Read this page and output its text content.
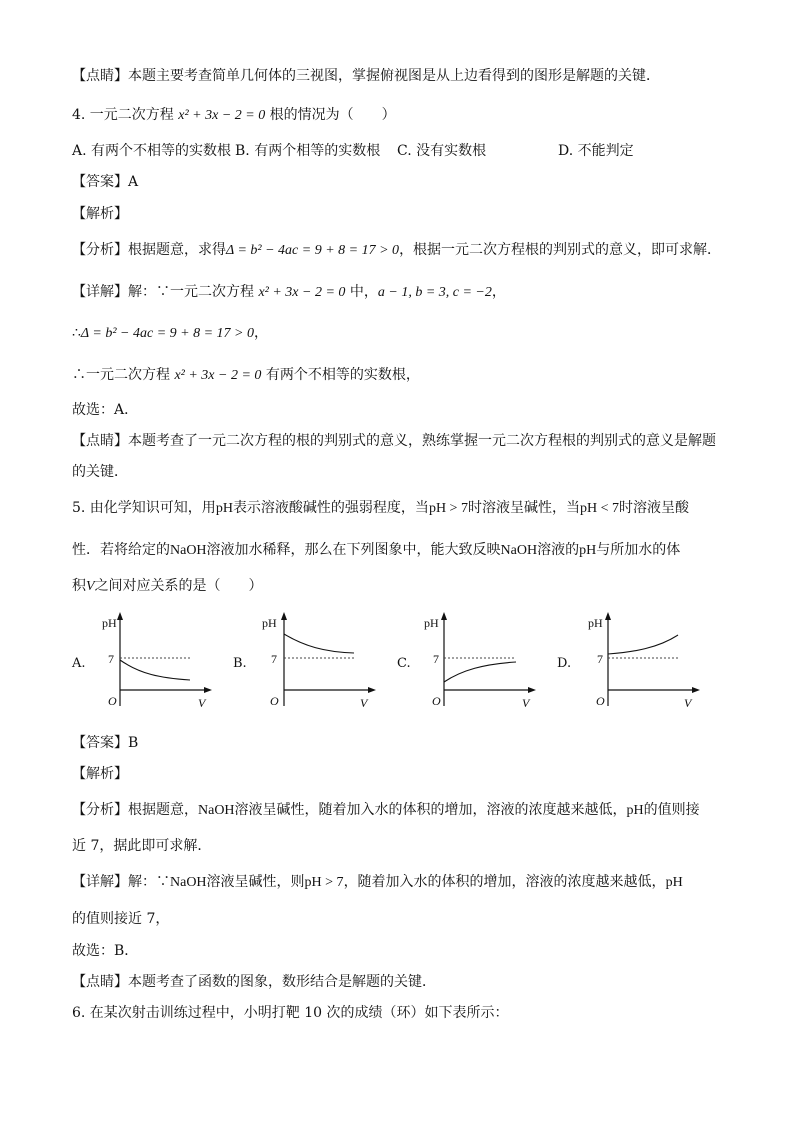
【点睛】本题主要考查简单几何体的三视图，掌握俯视图是从上边看得到的图形是解题的关键．
4. 一元二次方程 x² + 3x − 2 = 0 根的情况为（　　）
A. 有两个不相等的实数根 B. 有两个相等的实数根 C. 没有实数根	D. 不能判定
【答案】A
【解析】
【分析】根据题意，求得Δ = b² − 4ac = 9 + 8 = 17 > 0，根据一元二次方程根的判别式的意义，即可求解．
【详解】解：∵一元二次方程 x² + 3x − 2 = 0 中，a − 1, b = 3, c = −2，
∴Δ = b² − 4ac = 9 + 8 = 17 > 0，
∴一元二次方程 x² + 3x − 2 = 0 有两个不相等的实数根，
故选：A．
【点睛】本题考查了一元二次方程的根的判别式的意义，熟练掌握一元二次方程根的判别式的意义是解题
的关键．
5. 由化学知识可知，用pH表示溶液酸碱性的强弱程度，当pH > 7时溶液呈碱性，当pH < 7时溶液呈酸
性．若将给定的NaOH溶液加水稀释，那么在下列图象中，能大致反映NaOH溶液的pH与所加水的体
积V之间对应关系的是（　　）
A.
pH
7
O	V
B.
pH
7
O	V
C.
pH
7
O	V
D.
pH
7
O	V
【答案】B
【解析】
【分析】根据题意，NaOH溶液呈碱性，随着加入水的体积的增加，溶液的浓度越来越低，pH的值则接
近 7，据此即可求解．
【详解】解：∵NaOH溶液呈碱性，则pH > 7，随着加入水的体积的增加，溶液的浓度越来越低，pH
的值则接近 7，
故选：B．
【点睛】本题考查了函数的图象，数形结合是解题的关键．
6. 在某次射击训练过程中，小明打靶 10 次的成绩（环）如下表所示：
